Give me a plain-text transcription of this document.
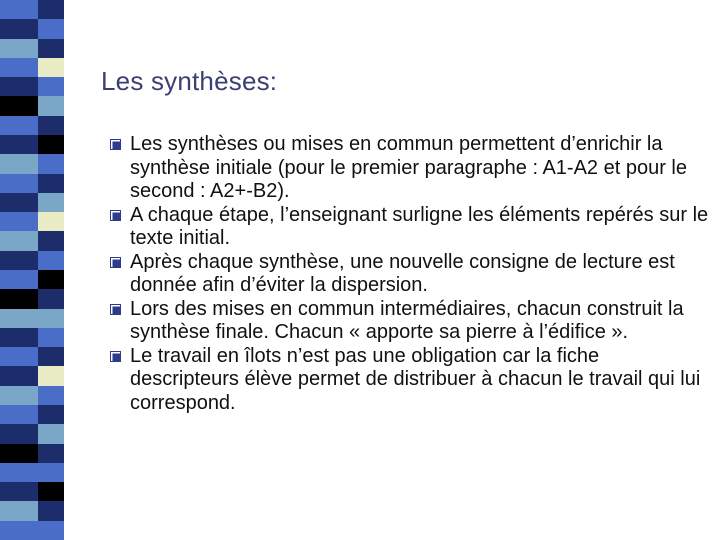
Les synthèses:
Les synthèses ou mises en commun permettent d’enrichir la synthèse initiale (pour le premier paragraphe : A1-A2 et pour le second : A2+-B2).
A chaque étape, l’enseignant surligne les éléments repérés sur le texte initial.
Après chaque synthèse, une nouvelle consigne de lecture est donnée afin d’éviter la dispersion.
Lors des mises en commun intermédiaires, chacun construit la synthèse finale. Chacun « apporte sa pierre à l’édifice ».
Le travail en îlots n’est pas une obligation car la fiche descripteurs élève permet de distribuer à chacun le travail qui lui correspond.
